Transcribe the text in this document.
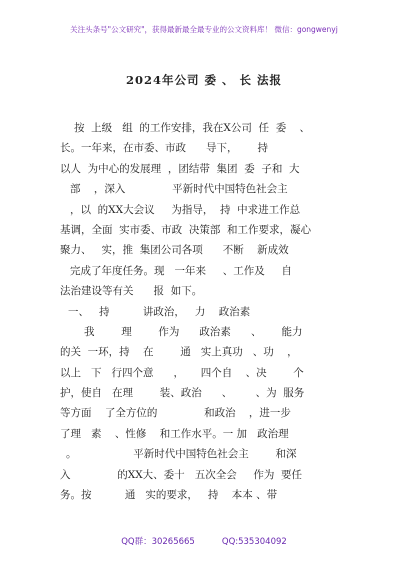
关注头条号"公文研究"，获得最新最全最专业的公文资料库！ 微信：gongwenyj
2024年公司 委 、 长 法报
按  上级   组  的工作安排，我在X公司  任  委    、
长。一年来，在市委、市政      导下，      持
以人  为中心的发展理  ，团结带  集团  委  子和  大
部    ，深入              平新时代中国特色社会主
，以  的XX大会议     为指导，  持  中求进工作总
基调，全面  实市委、市政  决策部  和工作要求，凝心
聚力、   实，推  集团公司各项      不断    新成效
完成了年度任务。现   一年来     、工作及     自
法治建设等有关      报  如下。
一、   持          讲政治，   力    政治素
我        理        作为      政治素      、      能力
的关  一环，持    在        通   实上真功   、功    ，
以上   下   行四个意      ，     四个自    、决        个
护，使自   在理        装、政治      、       、为  服务
等方面    了全方位的              和政治    ，进一步
了理   素    、性修    和工作水平。一 加   政治理
。                 平新时代中国特色社会主        和深
入              的XX大、委十   五次全会     作为  要任
务。按          通   实的要求，   持    本本 、带
QQ群：30265665	QQ:535304092
